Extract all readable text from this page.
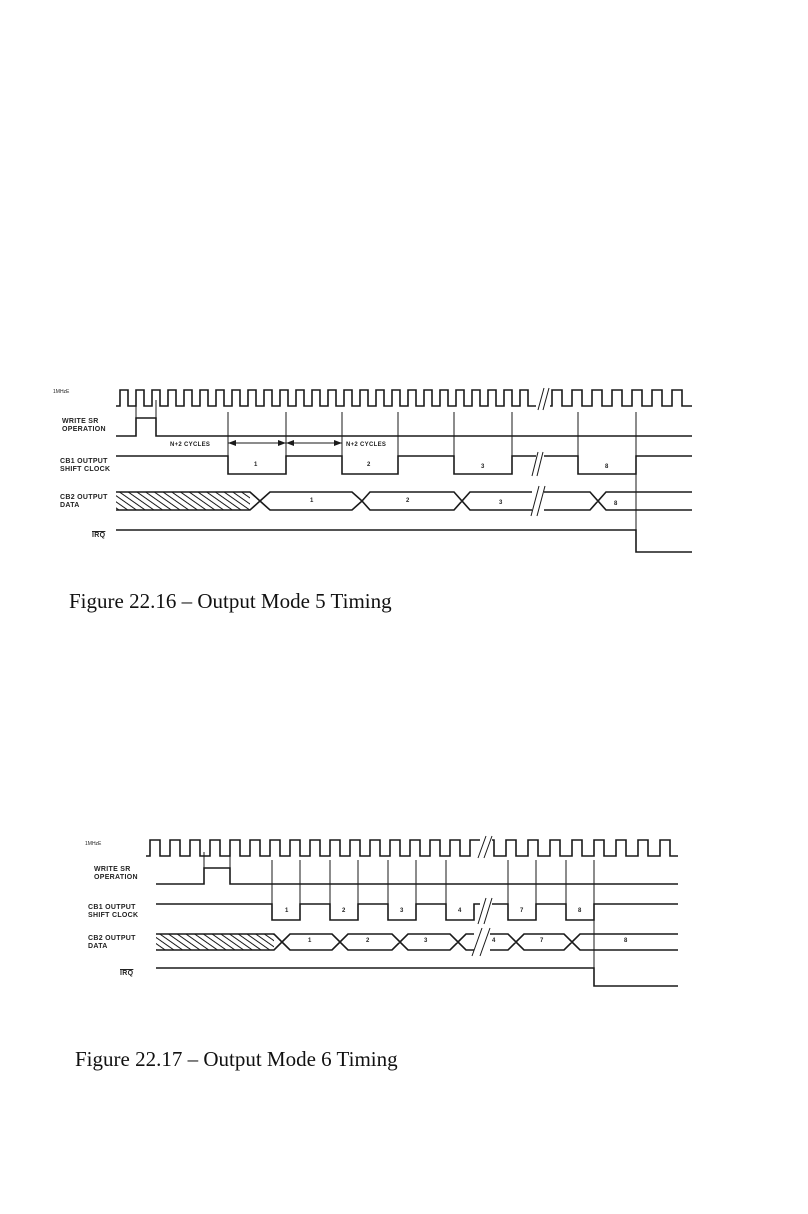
1MHzE
WRITE SR
OPERATION
CB1 OUTPUT
SHIFT CLOCK
CB2 OUTPUT
DATA
$\overline{IRQ}$
N+2 CYCLES	N+2 CYCLES
1	2	3	8
1	2	3	8
Figure 22.16 – Output Mode 5 Timing
1MHzE
WRITE SR
OPERATION
CB1 OUTPUT
SHIFT CLOCK
CB2 OUTPUT
DATA
$\overline{IRQ}$
1	2	3	4	7	8
1	2	3	4	7	8
Figure 22.17 – Output Mode 6 Timing
